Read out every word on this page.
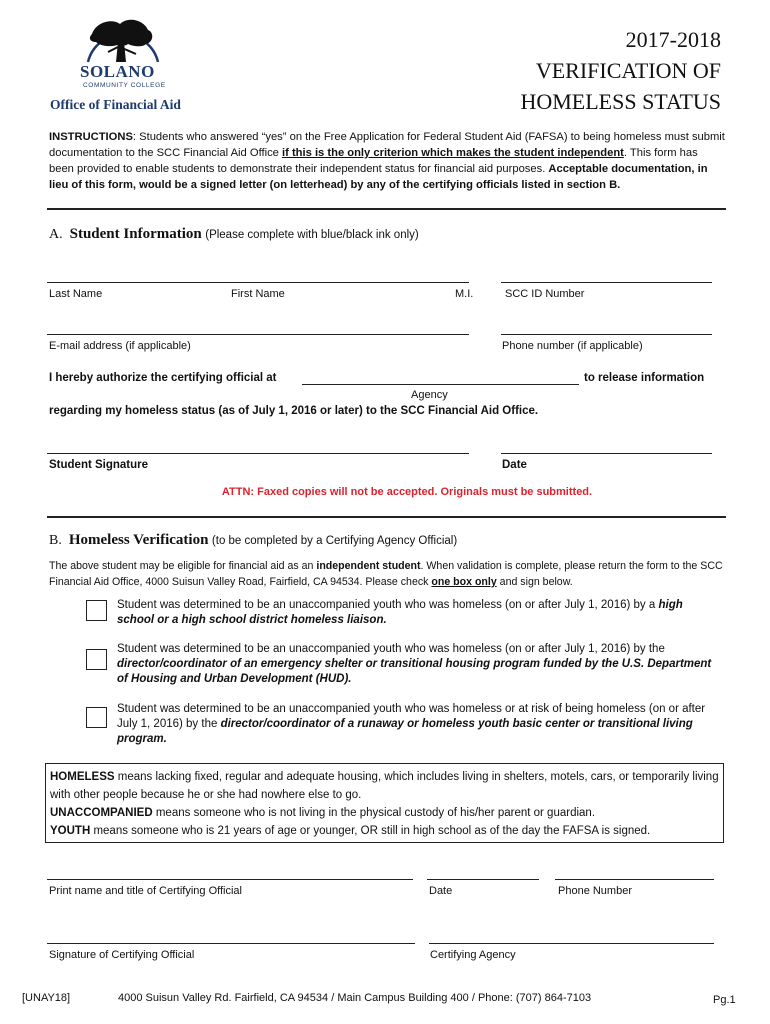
SOLANO
COMMUNITY COLLEGE
Office of Financial Aid
2017-2018
VERIFICATION OF
HOMELESS STATUS
INSTRUCTIONS: Students who answered “yes” on the Free Application for Federal Student Aid (FAFSA) to being homeless must submit documentation to the SCC Financial Aid Office if this is the only criterion which makes the student independent. This form has been provided to enable students to demonstrate their independent status for financial aid purposes. Acceptable documentation, in lieu of this form, would be a signed letter (on letterhead) by any of the certifying officials listed in section B.
A. Student Information (Please complete with blue/black ink only)
Last Name	First Name	M.I.	SCC ID Number
E-mail address (if applicable)	Phone number (if applicable)
I hereby authorize the certifying official at	to release information
Agency
regarding my homeless status (as of July 1, 2016 or later) to the SCC Financial Aid Office.
Student Signature	Date
ATTN: Faxed copies will not be accepted. Originals must be submitted.
B. Homeless Verification (to be completed by a Certifying Agency Official)
The above student may be eligible for financial aid as an independent student. When validation is complete, please return the form to the SCC Financial Aid Office, 4000 Suisun Valley Road, Fairfield, CA 94534. Please check one box only and sign below.
Student was determined to be an unaccompanied youth who was homeless (on or after July 1, 2016) by a high school or a high school district homeless liaison.
Student was determined to be an unaccompanied youth who was homeless (on or after July 1, 2016) by the director/coordinator of an emergency shelter or transitional housing program funded by the U.S. Department of Housing and Urban Development (HUD).
Student was determined to be an unaccompanied youth who was homeless or at risk of being homeless (on or after July 1, 2016) by the director/coordinator of a runaway or homeless youth basic center or transitional living program.
HOMELESS means lacking fixed, regular and adequate housing, which includes living in shelters, motels, cars, or temporarily living with other people because he or she had nowhere else to go.
UNACCOMPANIED means someone who is not living in the physical custody of his/her parent or guardian.
YOUTH means someone who is 21 years of age or younger, OR still in high school as of the day the FAFSA is signed.
Print name and title of Certifying Official	Date	Phone Number
Signature of Certifying Official	Certifying Agency
[UNAY18]	4000 Suisun Valley Rd. Fairfield, CA 94534 / Main Campus Building 400 / Phone: (707) 864-7103	Pg.1
